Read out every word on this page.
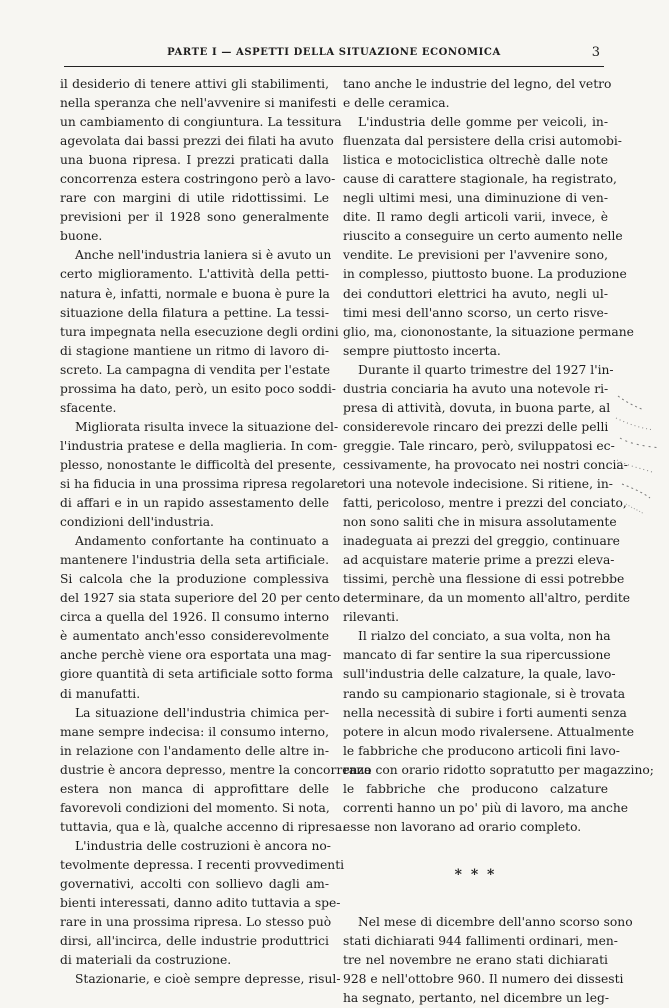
PARTE I — ASPETTI DELLA SITUAZIONE ECONOMICA	3
il desiderio di tenere attivi gli stabilimenti,
nella speranza che nell'avvenire si manifesti
un cambiamento di congiuntura. La tessitura
agevolata dai bassi prezzi dei filati ha avuto
una buona ripresa. I prezzi praticati dalla
concorrenza estera costringono però a lavo-
rare con margini di utile ridottissimi. Le
previsioni per il 1928 sono generalmente
buone.
Anche nell'industria laniera si è avuto un
certo miglioramento. L'attività della petti-
natura è, infatti, normale e buona è pure la
situazione della filatura a pettine. La tessi-
tura impegnata nella esecuzione degli ordini
di stagione mantiene un ritmo di lavoro di-
screto. La campagna di vendita per l'estate
prossima ha dato, però, un esito poco soddi-
sfacente.
Migliorata risulta invece la situazione del-
l'industria pratese e della maglieria. In com-
plesso, nonostante le difficoltà del presente,
si ha fiducia in una prossima ripresa regolare
di affari e in un rapido assestamento delle
condizioni dell'industria.
Andamento confortante ha continuato a
mantenere l'industria della seta artificiale.
Si calcola che la produzione complessiva
del 1927 sia stata superiore del 20 per cento
circa a quella del 1926. Il consumo interno
è aumentato anch'esso considerevolmente
anche perchè viene ora esportata una mag-
giore quantità di seta artificiale sotto forma
di manufatti.
La situazione dell'industria chimica per-
mane sempre indecisa: il consumo interno,
in relazione con l'andamento delle altre in-
dustrie è ancora depresso, mentre la concorrenza
estera non manca di approfittare delle
favorevoli condizioni del momento. Si nota,
tuttavia, qua e là, qualche accenno di ripresa.
L'industria delle costruzioni è ancora no-
tevolmente depressa. I recenti provvedimenti
governativi, accolti con sollievo dagli am-
bienti interessati, danno adito tuttavia a spe-
rare in una prossima ripresa. Lo stesso può
dirsi, all'incirca, delle industrie produttrici
di materiali da costruzione.
Stazionarie, e cioè sempre depresse, risul-
tano anche le industrie del legno, del vetro
e delle ceramica.
L'industria delle gomme per veicoli, in-
fluenzata dal persistere della crisi automobi-
listica e motociclistica oltrechè dalle note
cause di carattere stagionale, ha registrato,
negli ultimi mesi, una diminuzione di ven-
dite. Il ramo degli articoli varii, invece, è
riuscito a conseguire un certo aumento nelle
vendite. Le previsioni per l'avvenire sono,
in complesso, piuttosto buone. La produzione
dei conduttori elettrici ha avuto, negli ul-
timi mesi dell'anno scorso, un certo risve-
glio, ma, ciononostante, la situazione permane
sempre piuttosto incerta.
Durante il quarto trimestre del 1927 l'in-
dustria conciaria ha avuto una notevole ri-
presa di attività, dovuta, in buona parte, al
considerevole rincaro dei prezzi delle pelli
greggie. Tale rincaro, però, sviluppatosi ec-
cessivamente, ha provocato nei nostri concia-
tori una notevole indecisione. Si ritiene, in-
fatti, pericoloso, mentre i prezzi del conciato,
non sono saliti che in misura assolutamente
inadeguata ai prezzi del greggio, continuare
ad acquistare materie prime a prezzi eleva-
tissimi, perchè una flessione di essi potrebbe
determinare, da un momento all'altro, perdite
rilevanti.
Il rialzo del conciato, a sua volta, non ha
mancato di far sentire la sua ripercussione
sull'industria delle calzature, la quale, lavo-
rando su campionario stagionale, si è trovata
nella necessità di subire i forti aumenti senza
potere in alcun modo rivalersene. Attualmente
le fabbriche che producono articoli fini lavo-
rano con orario ridotto sopratutto per magazzino;
le fabbriche che producono calzature
correnti hanno un po' più di lavoro, ma anche
esse non lavorano ad orario completo.
* * *
Nel mese di dicembre dell'anno scorso sono
stati dichiarati 944 fallimenti ordinari, men-
tre nel novembre ne erano stati dichiarati
928 e nell'ottobre 960. Il numero dei dissesti
ha segnato, pertanto, nel dicembre un leg-
